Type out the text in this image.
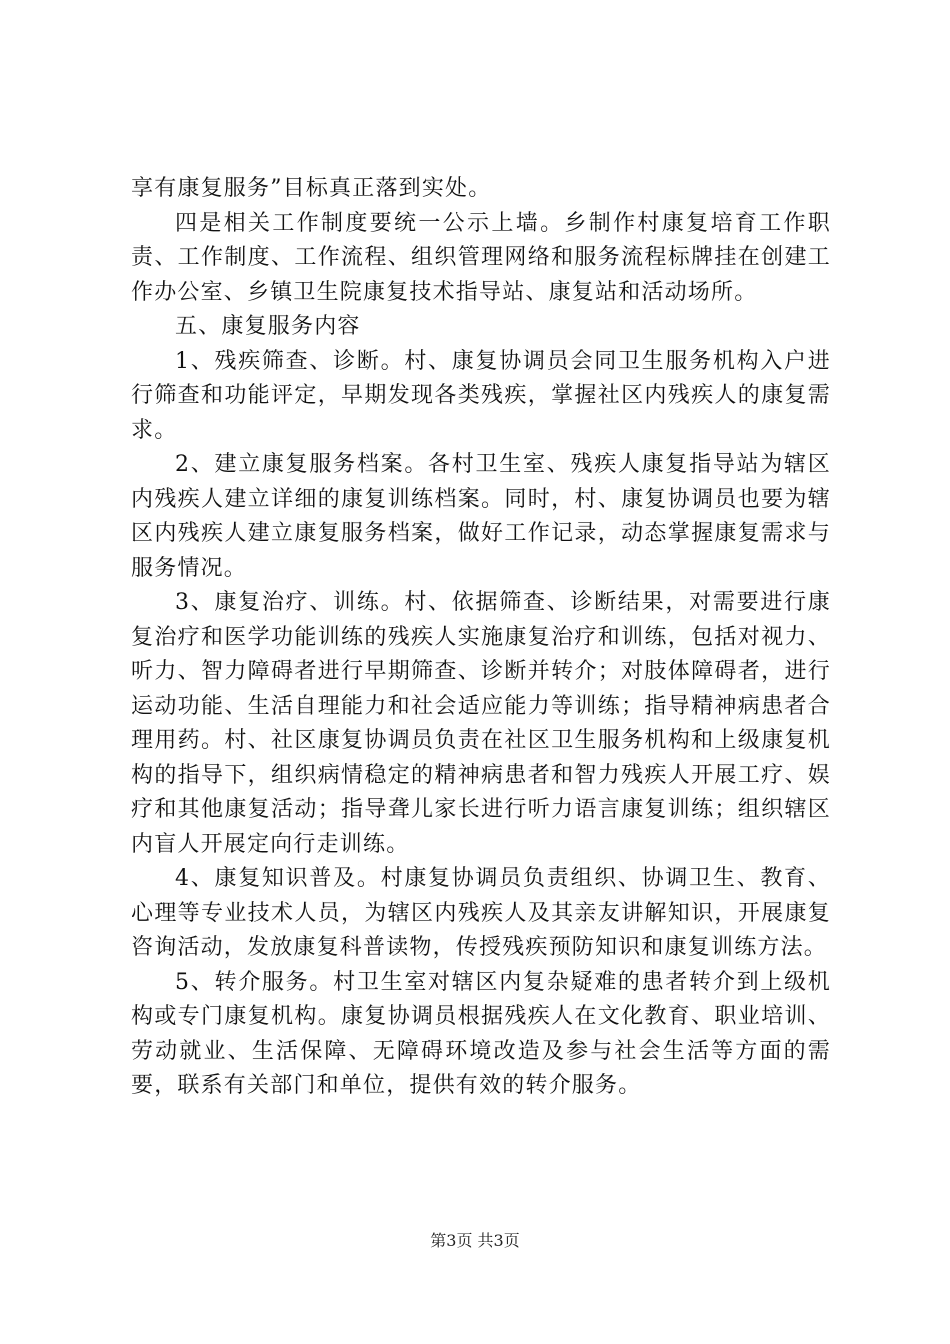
享有康复服务”目标真正落到实处。

四是相关工作制度要统一公示上墙。乡制作村康复培育工作职责、工作制度、工作流程、组织管理网络和服务流程标牌挂在创建工作办公室、乡镇卫生院康复技术指导站、康复站和活动场所。

五、康复服务内容

1、残疾筛查、诊断。村、康复协调员会同卫生服务机构入户进行筛查和功能评定，早期发现各类残疾，掌握社区内残疾人的康复需求。

2、建立康复服务档案。各村卫生室、残疾人康复指导站为辖区内残疾人建立详细的康复训练档案。同时，村、康复协调员也要为辖区内残疾人建立康复服务档案，做好工作记录，动态掌握康复需求与服务情况。

3、康复治疗、训练。村、依据筛查、诊断结果，对需要进行康复治疗和医学功能训练的残疾人实施康复治疗和训练，包括对视力、听力、智力障碍者进行早期筛查、诊断并转介；对肢体障碍者，进行运动功能、生活自理能力和社会适应能力等训练；指导精神病患者合理用药。村、社区康复协调员负责在社区卫生服务机构和上级康复机构的指导下，组织病情稳定的精神病患者和智力残疾人开展工疗、娱疗和其他康复活动；指导聋儿家长进行听力语言康复训练；组织辖区内盲人开展定向行走训练。

4、康复知识普及。村康复协调员负责组织、协调卫生、教育、心理等专业技术人员，为辖区内残疾人及其亲友讲解知识，开展康复咨询活动，发放康复科普读物，传授残疾预防知识和康复训练方法。

5、转介服务。村卫生室对辖区内复杂疑难的患者转介到上级机构或专门康复机构。康复协调员根据残疾人在文化教育、职业培训、劳动就业、生活保障、无障碍环境改造及参与社会生活等方面的需要，联系有关部门和单位，提供有效的转介服务。

第3页 共3页
